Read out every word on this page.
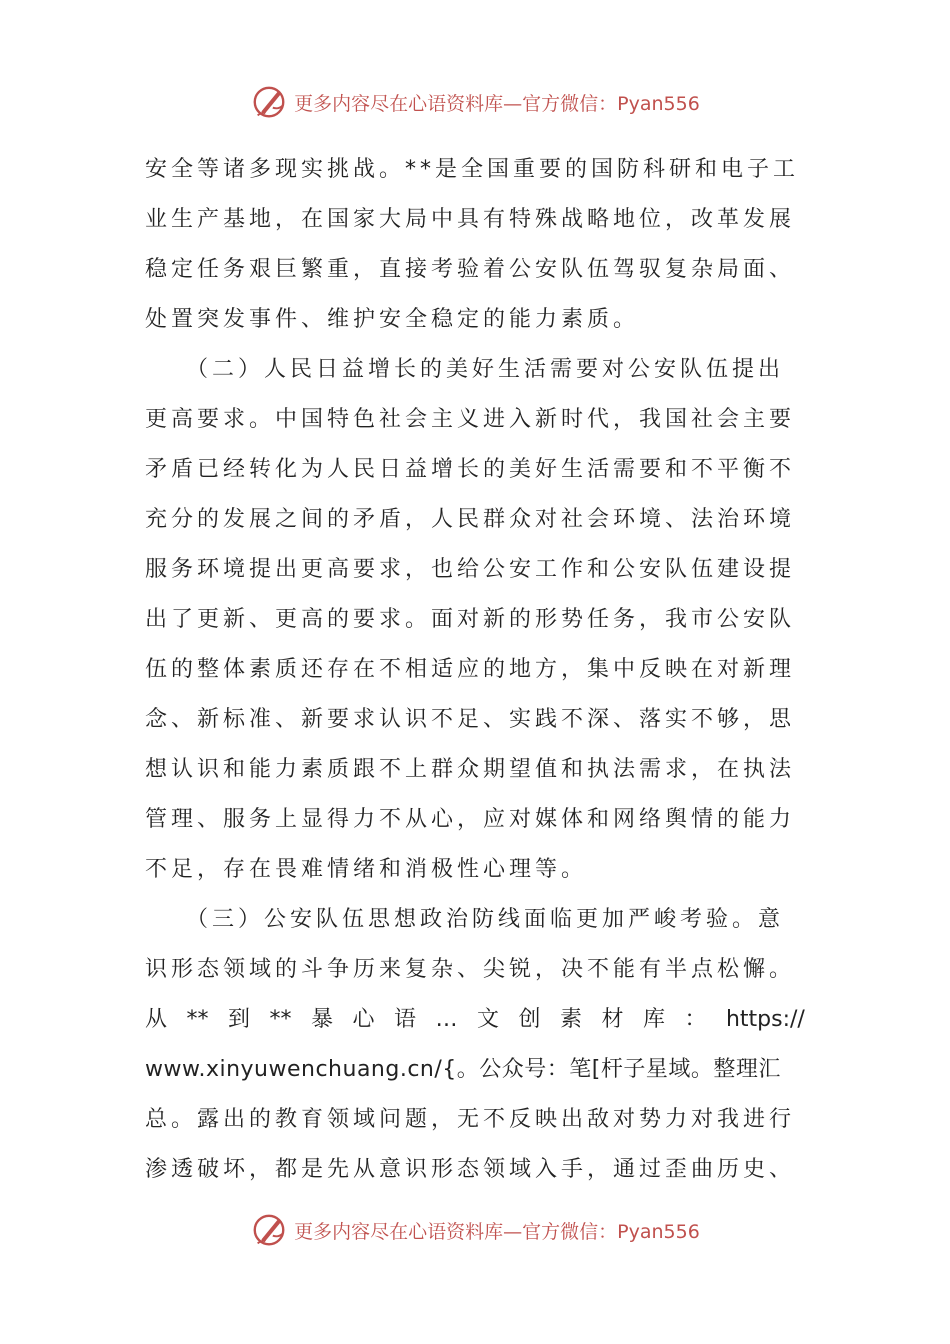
更多内容尽在心语资料库—官方微信：Pyan556
安全等诸多现实挑战。**是全国重要的国防科研和电子工
业生产基地，在国家大局中具有特殊战略地位，改革发展
稳定任务艰巨繁重，直接考验着公安队伍驾驭复杂局面、
处置突发事件、维护安全稳定的能力素质。
　　（二）人民日益增长的美好生活需要对公安队伍提出
更高要求。中国特色社会主义进入新时代，我国社会主要
矛盾已经转化为人民日益增长的美好生活需要和不平衡不
充分的发展之间的矛盾，人民群众对社会环境、法治环境
服务环境提出更高要求，也给公安工作和公安队伍建设提
出了更新、更高的要求。面对新的形势任务，我市公安队
伍的整体素质还存在不相适应的地方，集中反映在对新理
念、新标准、新要求认识不足、实践不深、落实不够，思
想认识和能力素质跟不上群众期望值和执法需求，在执法
管理、服务上显得力不从心，应对媒体和网络舆情的能力
不足，存在畏难情绪和消极性心理等。
　　（三）公安队伍思想政治防线面临更加严峻考验。意
识形态领域的斗争历来复杂、尖锐，决不能有半点松懈。
从 ** 到 ** 暴 心 语 … 文 创 素 材 库 ： https://
www.xinyuwenchuang.cn/{。公众号：笔[杆子星域。整理汇
总。露出的教育领域问题，无不反映出敌对势力对我进行
渗透破坏，都是先从意识形态领域入手，通过歪曲历史、
更多内容尽在心语资料库—官方微信：Pyan556
